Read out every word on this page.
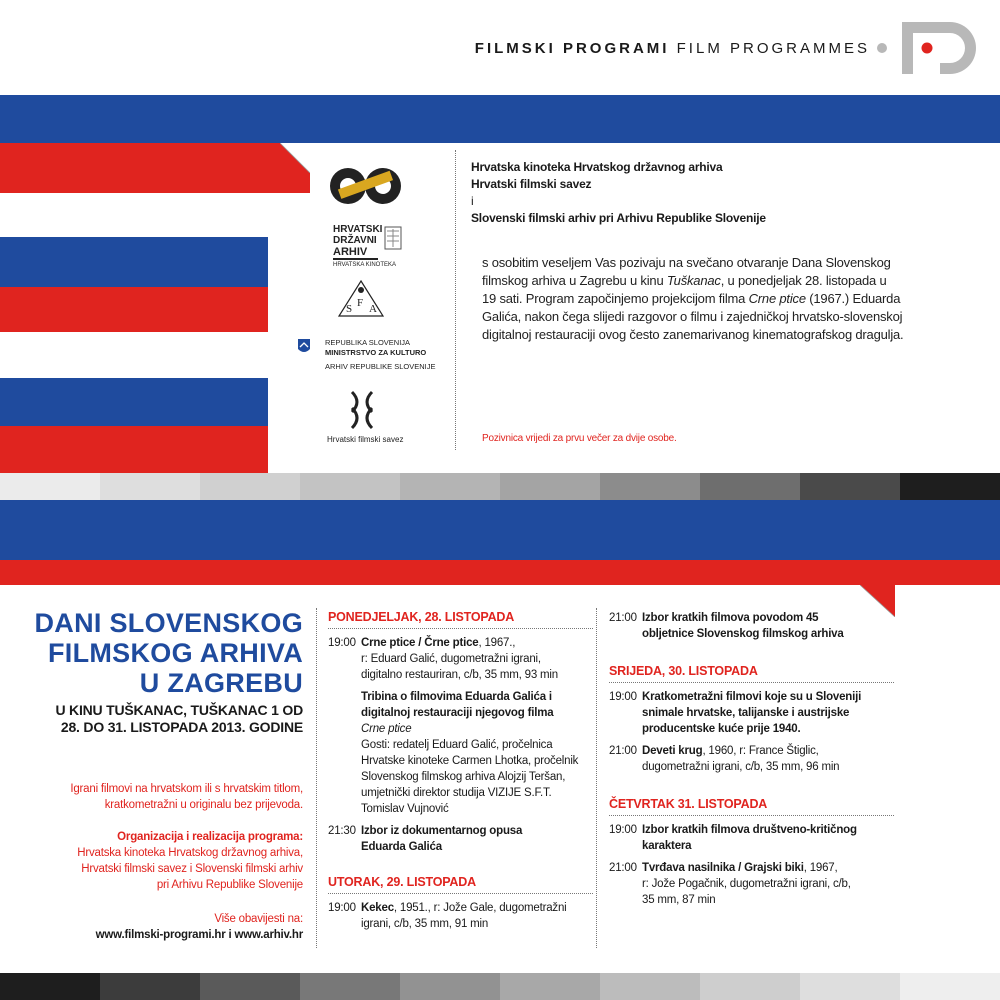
FILMSKI PROGRAMI FILM PROGRAMMES
HRVATSKI
DRŽAVNI
ARHIV
HRVATSKA KINOTEKA
S F A
REPUBLIKA SLOVENIJA
MINISTRSTVO ZA KULTURO
ARHIV REPUBLIKE SLOVENIJE
Hrvatski filmski savez
Hrvatska kinoteka Hrvatskog državnog arhiva
Hrvatski filmski savez
i
Slovenski filmski arhiv pri Arhivu Republike Slovenije
s osobitim veseljem Vas pozivaju na svečano otvaranje Dana Slovenskog
filmskog arhiva u Zagrebu u kinu Tuškanac, u ponedjeljak 28. listopada u
19 sati. Program započinjemo projekcijom filma Crne ptice (1967.) Eduarda
Galića, nakon čega slijedi razgovor o filmu i zajedničkoj hrvatsko-slovenskoj
digitalnoj restauraciji ovog često zanemarivanog kinematografskog dragulja.
Pozivnica vrijedi za prvu večer za dvije osobe.
DANI SLOVENSKOG
FILMSKOG ARHIVA
U ZAGREBU
U KINU TUŠKANAC, TUŠKANAC 1 OD
28. DO 31. LISTOPADA 2013. GODINE
Igrani filmovi na hrvatskom ili s hrvatskim titlom,
kratkometražni u originalu bez prijevoda.
Organizacija i realizacija programa:
Hrvatska kinoteka Hrvatskog državnog arhiva,
Hrvatski filmski savez i Slovenski filmski arhiv
pri Arhivu Republike Slovenije
Više obavijesti na:
www.filmski-programi.hr i www.arhiv.hr
PONEDJELJAK, 28. LISTOPADA
19:00 Crne ptice / Črne ptice, 1967.,
r: Eduard Galić, dugometražni igrani,
digitalno restauriran, c/b, 35 mm, 93 min
Tribina o filmovima Eduarda Galića i
digitalnoj restauraciji njegovog filma
Crne ptice
Gosti: redatelj Eduard Galić, pročelnica
Hrvatske kinoteke Carmen Lhotka, pročelnik
Slovenskog filmskog arhiva Alojzij Teršan,
umjetnički direktor studija VIZIJE S.F.T.
Tomislav Vujnović
21:30 Izbor iz dokumentarnog opusa
Eduarda Galića
UTORAK, 29. LISTOPADA
19:00 Kekec, 1951., r: Jože Gale, dugometražni
igrani, c/b, 35 mm, 91 min
21:00 Izbor kratkih filmova povodom 45
obljetnice Slovenskog filmskog arhiva
SRIJEDA, 30. LISTOPADA
19:00 Kratkometražni filmovi koje su u Sloveniji
snimale hrvatske, talijanske i austrijske
producentske kuće prije 1940.
21:00 Deveti krug, 1960, r: France Štiglic,
dugometražni igrani, c/b, 35 mm, 96 min
ČETVRTAK 31. LISTOPADA
19:00 Izbor kratkih filmova društveno-kritičnog
karaktera
21:00 Tvrđava nasilnika / Grajski biki, 1967,
r: Jože Pogačnik, dugometražni igrani, c/b,
35 mm, 87 min
